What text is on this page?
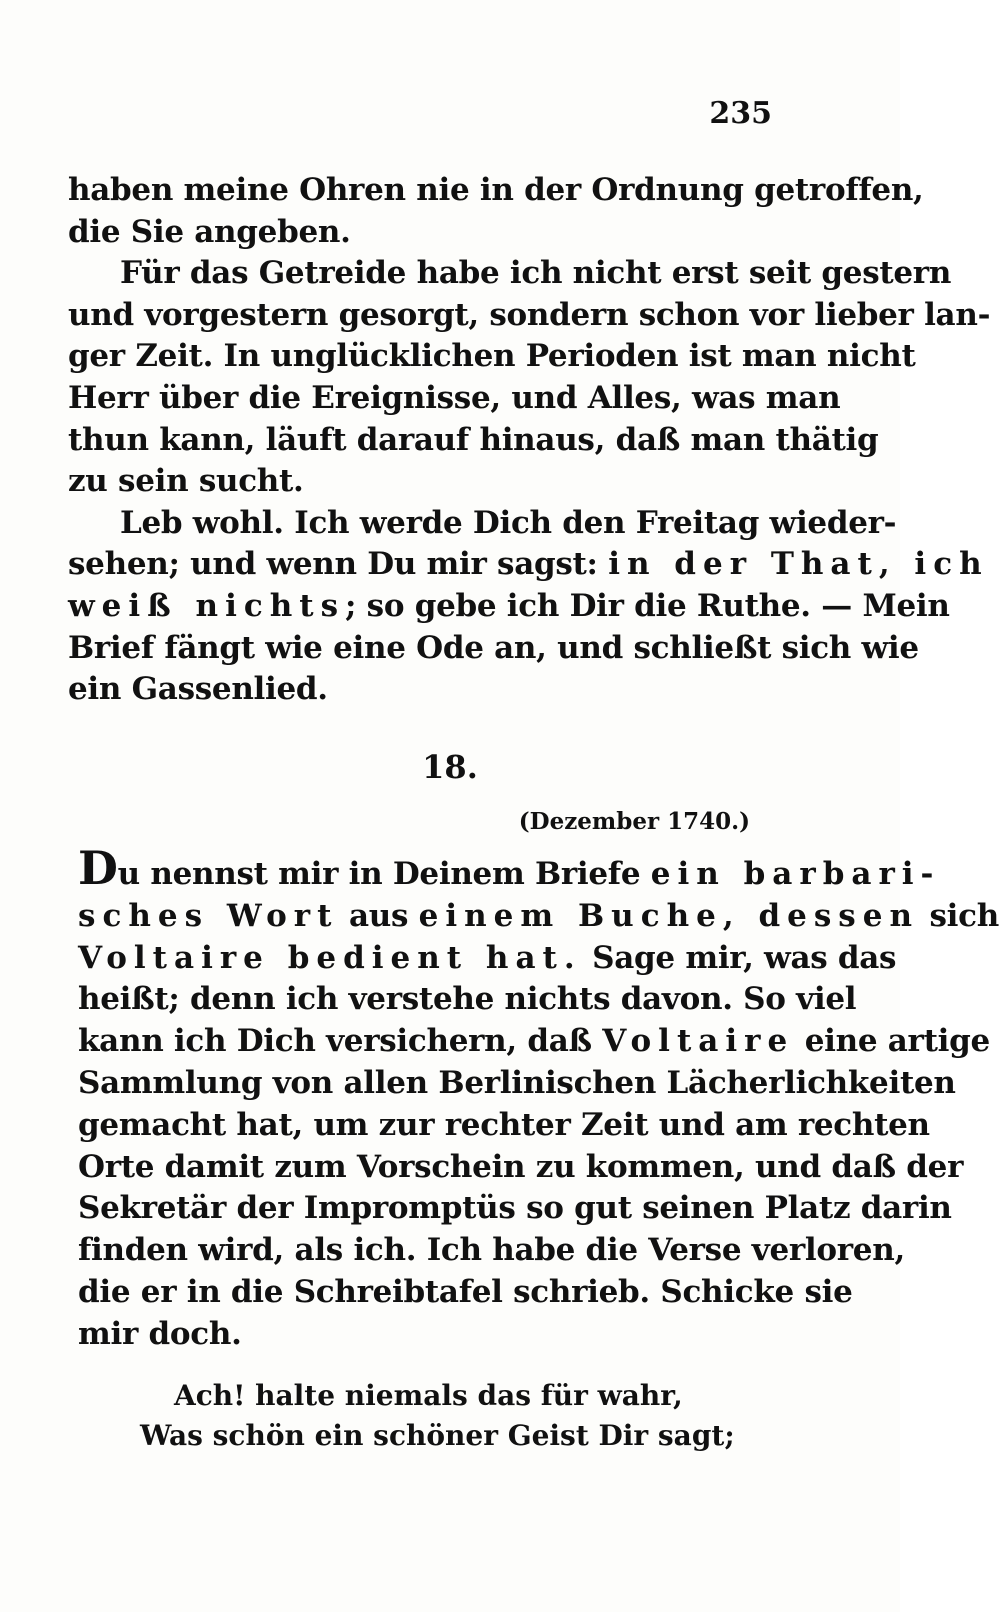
235
haben meine Ohren nie in der Ordnung getroffen,
die Sie angeben.
Für das Getreide habe ich nicht erst seit gestern
und vorgestern gesorgt, sondern schon vor lieber lan-
ger Zeit. In unglücklichen Perioden ist man nicht
Herr über die Ereignisse, und Alles, was man
thun kann, läuft darauf hinaus, daß man thätig
zu sein sucht.
Leb wohl. Ich werde Dich den Freitag wieder-
sehen; und wenn Du mir sagst: in der That, ich
weiß nichts; so gebe ich Dir die Ruthe. — Mein
Brief fängt wie eine Ode an, und schließt sich wie
ein Gassenlied.
18.
(Dezember 1740.)
Du nennst mir in Deinem Briefe ein barbari-
sches Wort aus einem Buche, dessen sich
Voltaire bedient hat. Sage mir, was das
heißt; denn ich verstehe nichts davon. So viel
kann ich Dich versichern, daß Voltaire eine artige
Sammlung von allen Berlinischen Lächerlichkeiten
gemacht hat, um zur rechter Zeit und am rechten
Orte damit zum Vorschein zu kommen, und daß der
Sekretär der Impromptüs so gut seinen Platz darin
finden wird, als ich. Ich habe die Verse verloren,
die er in die Schreibtafel schrieb. Schicke sie
mir doch.
Ach! halte niemals das für wahr,
Was schön ein schöner Geist Dir sagt;
